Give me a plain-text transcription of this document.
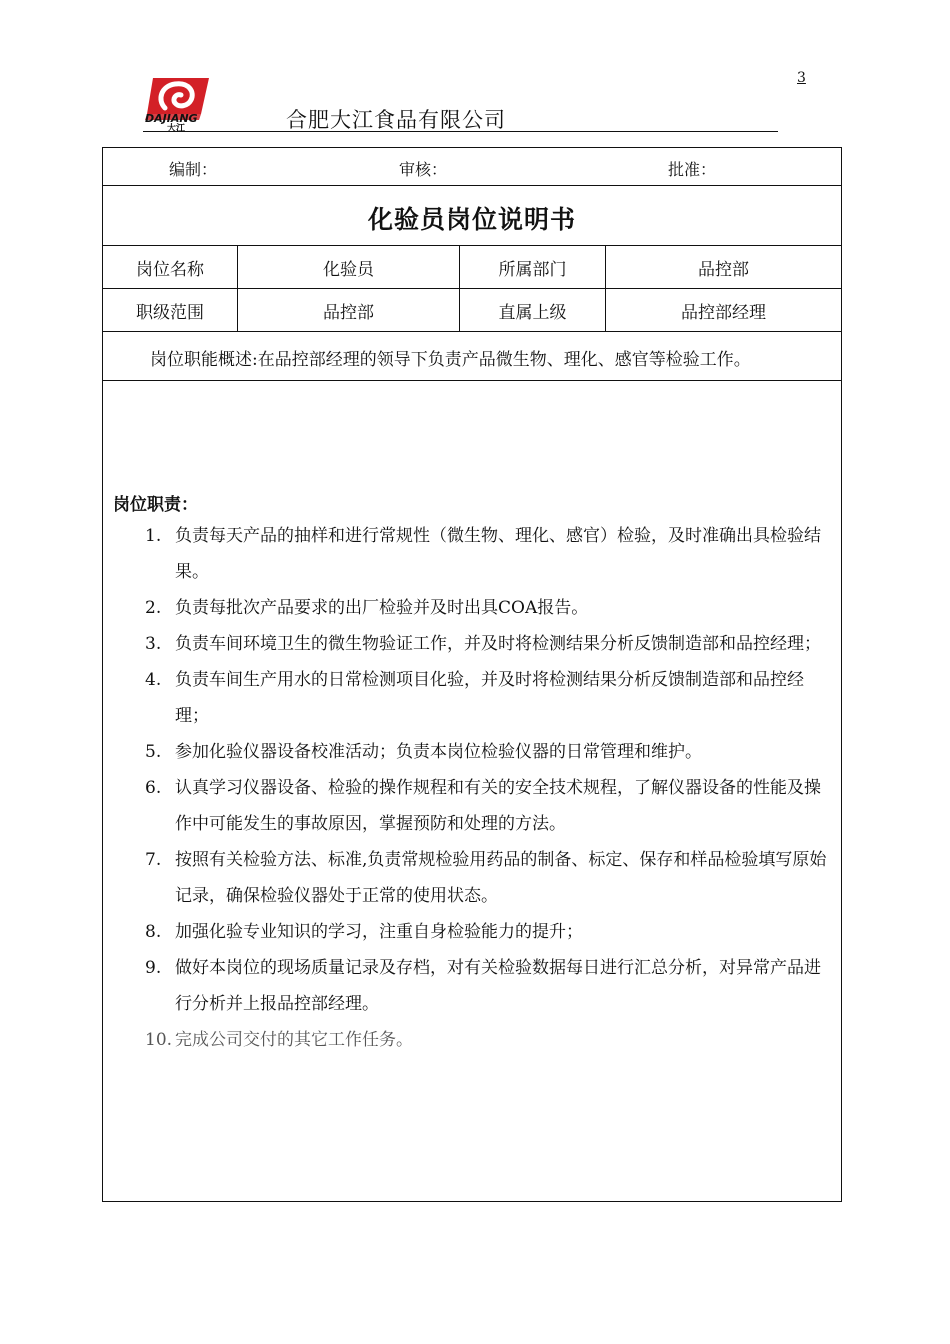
3
DAJIANG
大江	合肥大江食品有限公司
编制：	审核：	批准：
化验员岗位说明书
岗位名称	化验员	所属部门	品控部
职级范围	品控部	直属上级	品控部经理
岗位职能概述:在品控部经理的领导下负责产品微生物、理化、感官等检验工作。
岗位职责：
1. 负责每天产品的抽样和进行常规性（微生物、理化、感官）检验，及时准确出具检验结果。
2. 负责每批次产品要求的出厂检验并及时出具COA报告。
3. 负责车间环境卫生的微生物验证工作，并及时将检测结果分析反馈制造部和品控经理；
4. 负责车间生产用水的日常检测项目化验，并及时将检测结果分析反馈制造部和品控经理；
5. 参加化验仪器设备校准活动；负责本岗位检验仪器的日常管理和维护。
6. 认真学习仪器设备、检验的操作规程和有关的安全技术规程，了解仪器设备的性能及操作中可能发生的事故原因，掌握预防和处理的方法。
7. 按照有关检验方法、标准,负责常规检验用药品的制备、标定、保存和样品检验填写原始记录，确保检验仪器处于正常的使用状态。
8. 加强化验专业知识的学习，注重自身检验能力的提升；
9. 做好本岗位的现场质量记录及存档，对有关检验数据每日进行汇总分析，对异常产品进行分析并上报品控部经理。
10. 完成公司交付的其它工作任务。
